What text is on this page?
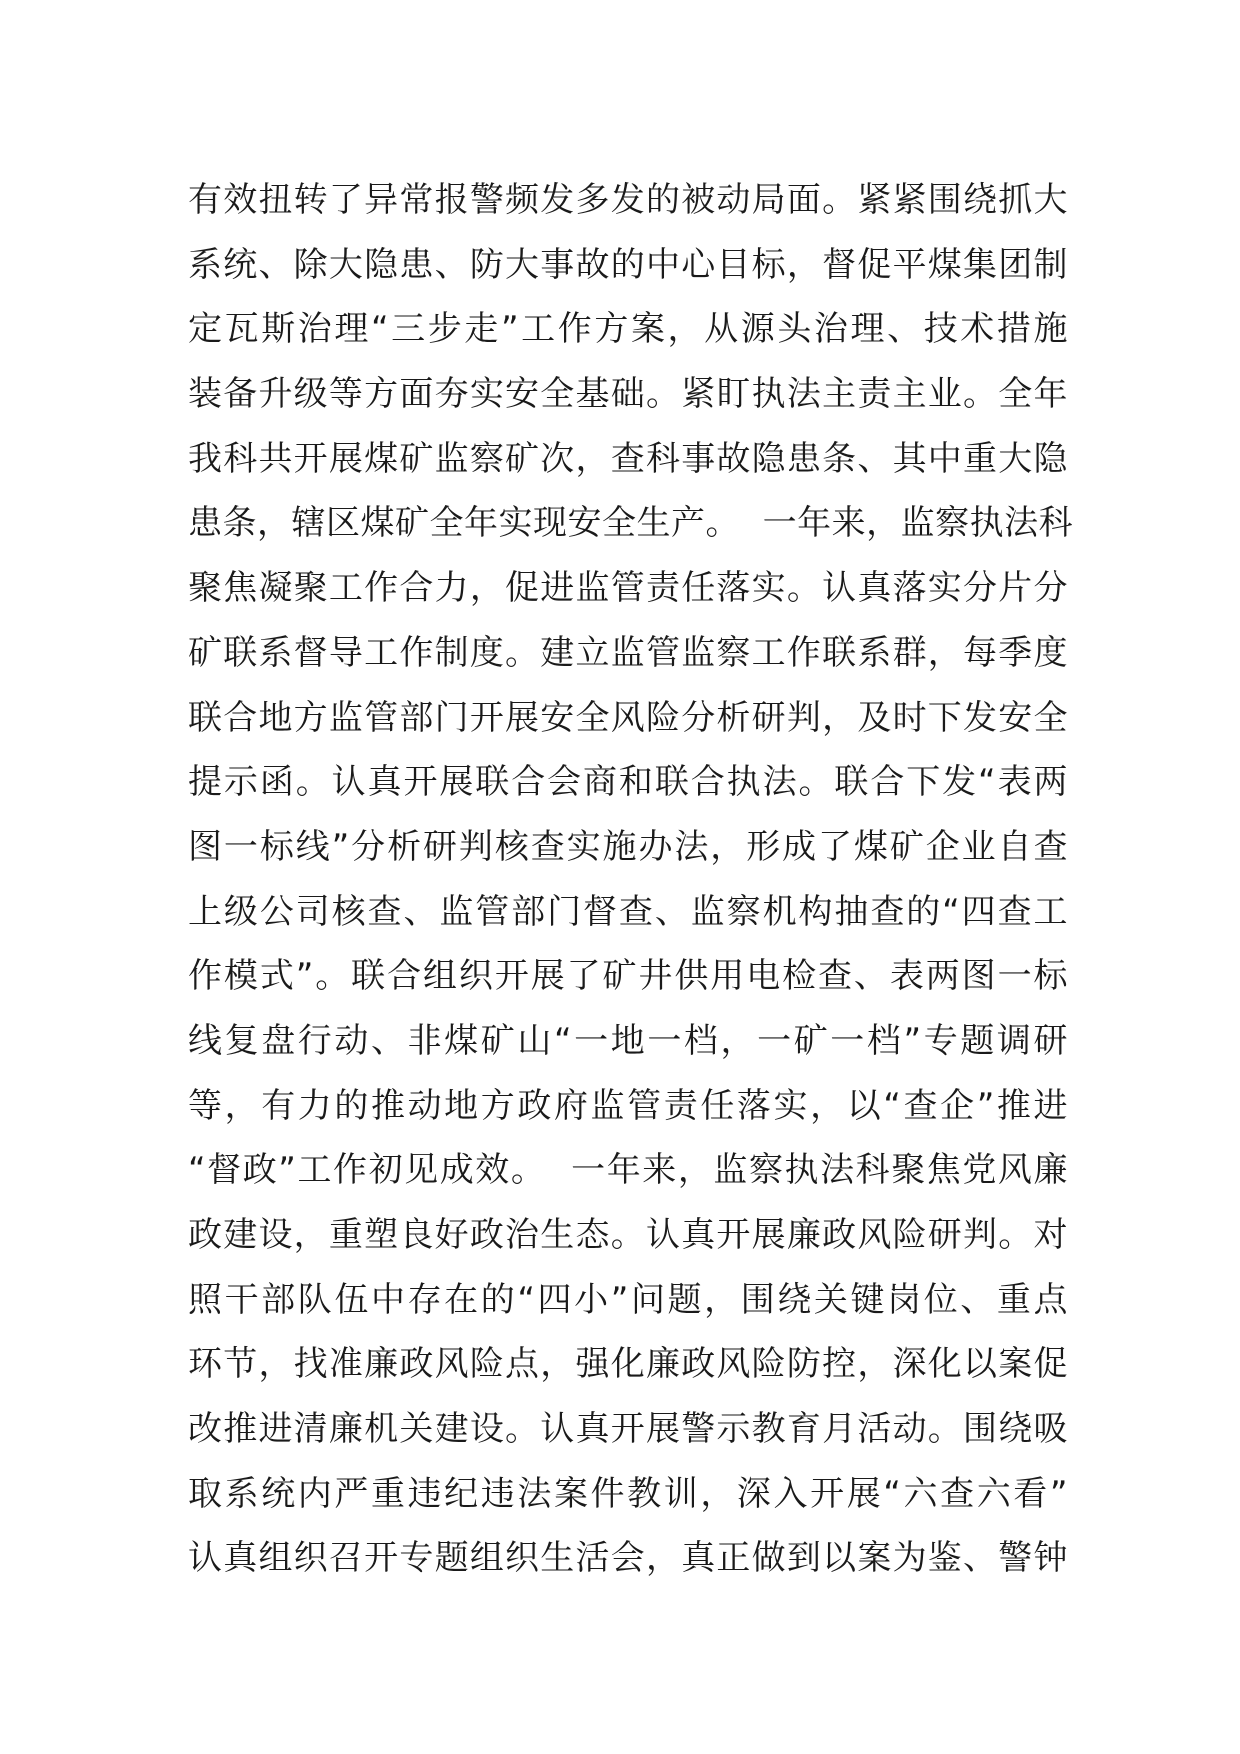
有效扭转了异常报警频发多发的被动局面。紧紧围绕抓大
系统、除大隐患、防大事故的中心目标，督促平煤集团制
定瓦斯治理“三步走”工作方案，从源头治理、技术措施
装备升级等方面夯实安全基础。紧盯执法主责主业。全年
我科共开展煤矿监察矿次，查科事故隐患条、其中重大隐
患条，辖区煤矿全年实现安全生产。  一年来，监察执法科
聚焦凝聚工作合力，促进监管责任落实。认真落实分片分
矿联系督导工作制度。建立监管监察工作联系群，每季度
联合地方监管部门开展安全风险分析研判，及时下发安全
提示函。认真开展联合会商和联合执法。联合下发“表两
图一标线”分析研判核查实施办法，形成了煤矿企业自查
上级公司核查、监管部门督查、监察机构抽查的“四查工
作模式”。联合组织开展了矿井供用电检查、表两图一标
线复盘行动、非煤矿山“一地一档，一矿一档”专题调研
等，有力的推动地方政府监管责任落实，以“查企”推进
“督政”工作初见成效。  一年来，监察执法科聚焦党风廉
政建设，重塑良好政治生态。认真开展廉政风险研判。对
照干部队伍中存在的“四小”问题，围绕关键岗位、重点
环节，找准廉政风险点，强化廉政风险防控，深化以案促
改推进清廉机关建设。认真开展警示教育月活动。围绕吸
取系统内严重违纪违法案件教训，深入开展“六查六看”
认真组织召开专题组织生活会，真正做到以案为鉴、警钟
